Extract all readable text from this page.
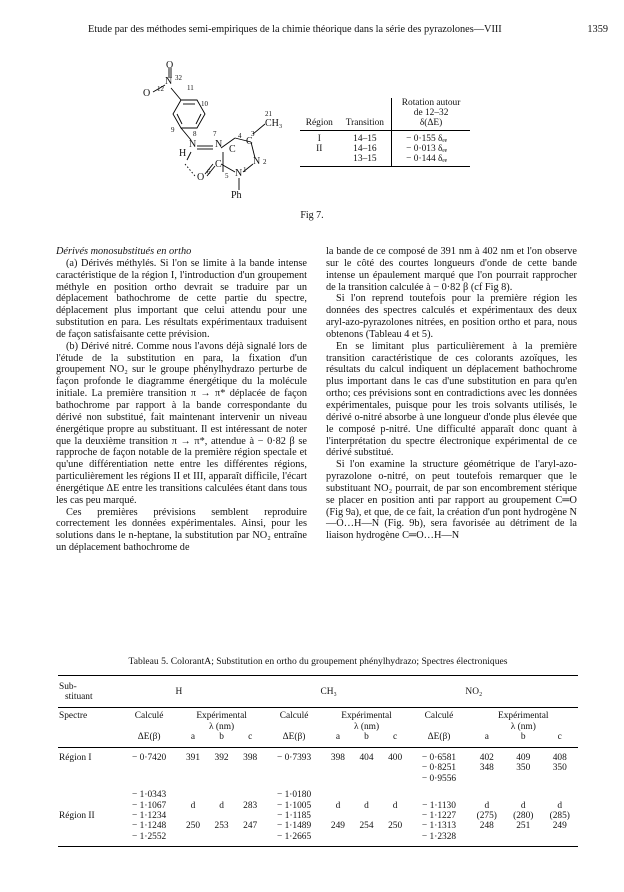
Etude par des méthodes semi-empiriques de la chimie théorique dans la série des pyrazolones—VIII	1359
O
N
O
H
N N C
C
C
CH₃
N
N
O
Ph
12	11
32
10
9	8 7	4 3
21
1
2
6 5
Région	Transition	Rotation autour
de 12–32
δ(ΔE)

I	14–15	− 0·155 δₑₑ
II	14–16	− 0·013 δₑₑ
	13–15	− 0·144 δₑₑ

Fig 7.

Dérivés monosubstitués en ortho

(a) Dérivés méthylés. Si l'on se limite à la bande intense caractéristique de la région I, l'introduction d'un groupement méthyle en position ortho devrait se traduire par un déplacement bathochrome de cette partie du spectre, déplacement plus important que celui attendu pour une substitution en para. Les résultats expérimentaux traduisent de façon satisfaisante cette prévision.

(b) Dérivé nitré. Comme nous l'avons déjà signalé lors de l'étude de la substitution en para, la fixation d'un groupement NO₂ sur le groupe phénylhydrazo perturbe de façon profonde le diagramme énergétique du la molécule initiale. La première transition π → π* déplacée de façon bathochrome par rapport à la bande correspondante du dérivé non substitué, fait maintenant intervenir un niveau énergétique propre au substituant. Il est intéressant de noter que la deuxième transition π → π*, attendue à − 0·82 β se rapproche de façon notable de la première région spectale et qu'une différentiation nette entre les différentes régions, particulièrement les régions II et III, apparaît difficile, l'écart énergétique ΔE entre les transitions calculées étant dans tous les cas peu marqué.

Ces premières prévisions semblent reproduire correctement les données expérimentales. Ainsi, pour les solutions dans le n-heptane, la substitution par NO₂ entraîne un déplacement bathochrome de

la bande de ce composé de 391 nm à 402 nm et l'on observe sur le côté des courtes longueurs d'onde de cette bande intense un épaulement marqué que l'on pourrait rapprocher de la transition calculée à − 0·82 β (cf Fig 8).

Si l'on reprend toutefois pour la première région les données des spectres calculés et expérimentaux des deux aryl-azo-pyrazolones nitrées, en position ortho et para, nous obtenons (Tableau 4 et 5).

En se limitant plus particulièrement à la première transition caractéristique de ces colorants azoïques, les résultats du calcul indiquent un déplacement bathochrome plus important dans le cas d'une substitution en para qu'en ortho; ces prévisions sont en contradictions avec les données expérimentales, puisque pour les trois solvants utilisés, le dérivé o-nitré absorbe à une longueur d'onde plus élevée que le composé p-nitré. Une difficulté apparaît donc quant à l'interprétation du spectre électronique expérimental de ce dérivé substitué.

Si l'on examine la structure géométrique de l'aryl-azo-pyrazolone o-nitré, on peut toutefois remarquer que le substituant NO₂ pourrait, de par son encombrement stérique se placer en position anti par rapport au groupement C═O (Fig 9a), et que, de ce fait, la création d'un pont hydrogène N—O…H—N (Fig. 9b), sera favorisée au détriment de la liaison hydrogène C═O…H—N

Tableau 5. ColorantA; Substitution en ortho du groupement phénylhydrazo; Spectres électroniques

Sub-
stituant	H				CH₃				NO₂			

Spectre	Calculé	Expérimental			Calculé	Expérimental			Calculé	Expérimental		
		λ (nm)				λ (nm)				λ (nm)		
	ΔE(β)	a	b	c	ΔE(β)	a	b	c	ΔE(β)	a	b	c

Région I	− 0·7420	391	392	398	− 0·7393	398	404	400	− 0·6581	402	409	408
									− 0·8251	348	350	350
									− 0·9556			

	− 1·0343				− 1·0180							
	− 1·1067	d	d	283	− 1·1005	d	d	d	− 1·1130	d	d	d
Région II	− 1·1234				− 1·1185				− 1·1227	(275)	(280)	(285)
	− 1·1248	250	253	247	− 1·1489	249	254	250	− 1·1313	248	251	249
	− 1·2552				− 1·2665				− 1·2328			
